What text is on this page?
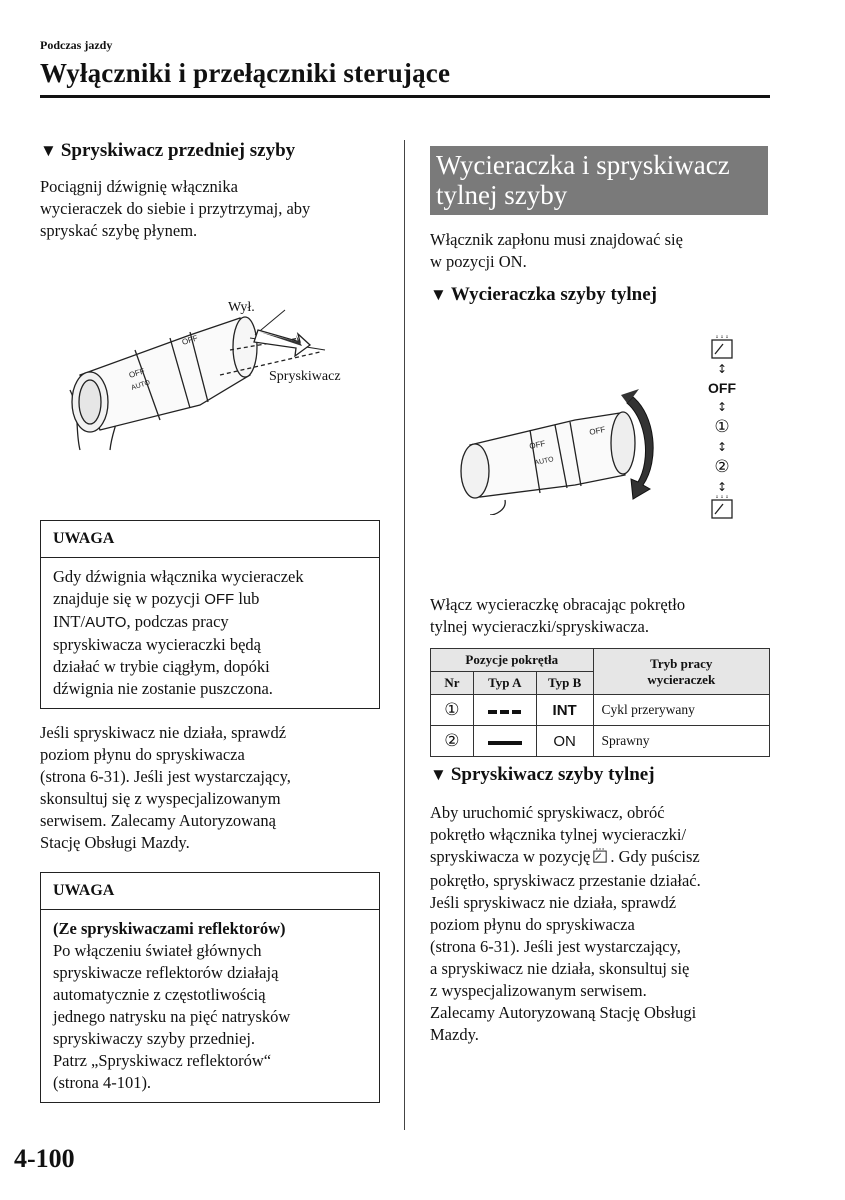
Podczas jazdy
Wyłączniki i przełączniki sterujące
▼ Spryskiwacz przedniej szyby
Pociągnij dźwignię włącznika
wycieraczek do siebie i przytrzymaj, aby
spryskać szybę płynem.
OFF
AUTO
OFF
Wył.
Spryskiwacz
UWAGA
Gdy dźwignia włącznika wycieraczek
znajduje się w pozycji OFF lub
INT/AUTO, podczas pracy
spryskiwacza wycieraczki będą
działać w trybie ciągłym, dopóki
dźwignia nie zostanie puszczona.
Jeśli spryskiwacz nie działa, sprawdź
poziom płynu do spryskiwacza
(strona 6-31). Jeśli jest wystarczający,
skonsultuj się z wyspecjalizowanym
serwisem. Zalecamy Autoryzowaną
Stację Obsługi Mazdy.
UWAGA
(Ze spryskiwaczami reflektorów)
Po włączeniu świateł głównych
spryskiwacze reflektorów działają
automatycznie z częstotliwością
jednego natrysku na pięć natrysków
spryskiwaczy szyby przedniej.
Patrz „Spryskiwacz reflektorów“
(strona 4-101).
Wycieraczka i spryskiwacz
tylnej szyby
Włącznik zapłonu musi znajdować się
w pozycji ON.
▼ Wycieraczka szyby tylnej
OFF
AUTO
OFF
↕
OFF
↕
①
↕
②
↕
Włącz wycieraczkę obracając pokrętło
tylnej wycieraczki/spryskiwacza.
Pozycje pokrętła			Tryb pracy
wycieraczek

Nr	Typ A	Typ B	
①		INT	Cykl przerywany
②		ON	Sprawny
▼ Spryskiwacz szyby tylnej
Aby uruchomić spryskiwacz, obróć
pokrętło włącznika tylnej wycieraczki/
spryskiwacza w pozycję . Gdy puścisz
pokrętło, spryskiwacz przestanie działać.
Jeśli spryskiwacz nie działa, sprawdź
poziom płynu do spryskiwacza
(strona 6-31). Jeśli jest wystarczający,
a spryskiwacz nie działa, skonsultuj się
z wyspecjalizowanym serwisem.
Zalecamy Autoryzowaną Stację Obsługi
Mazdy.
4-100
